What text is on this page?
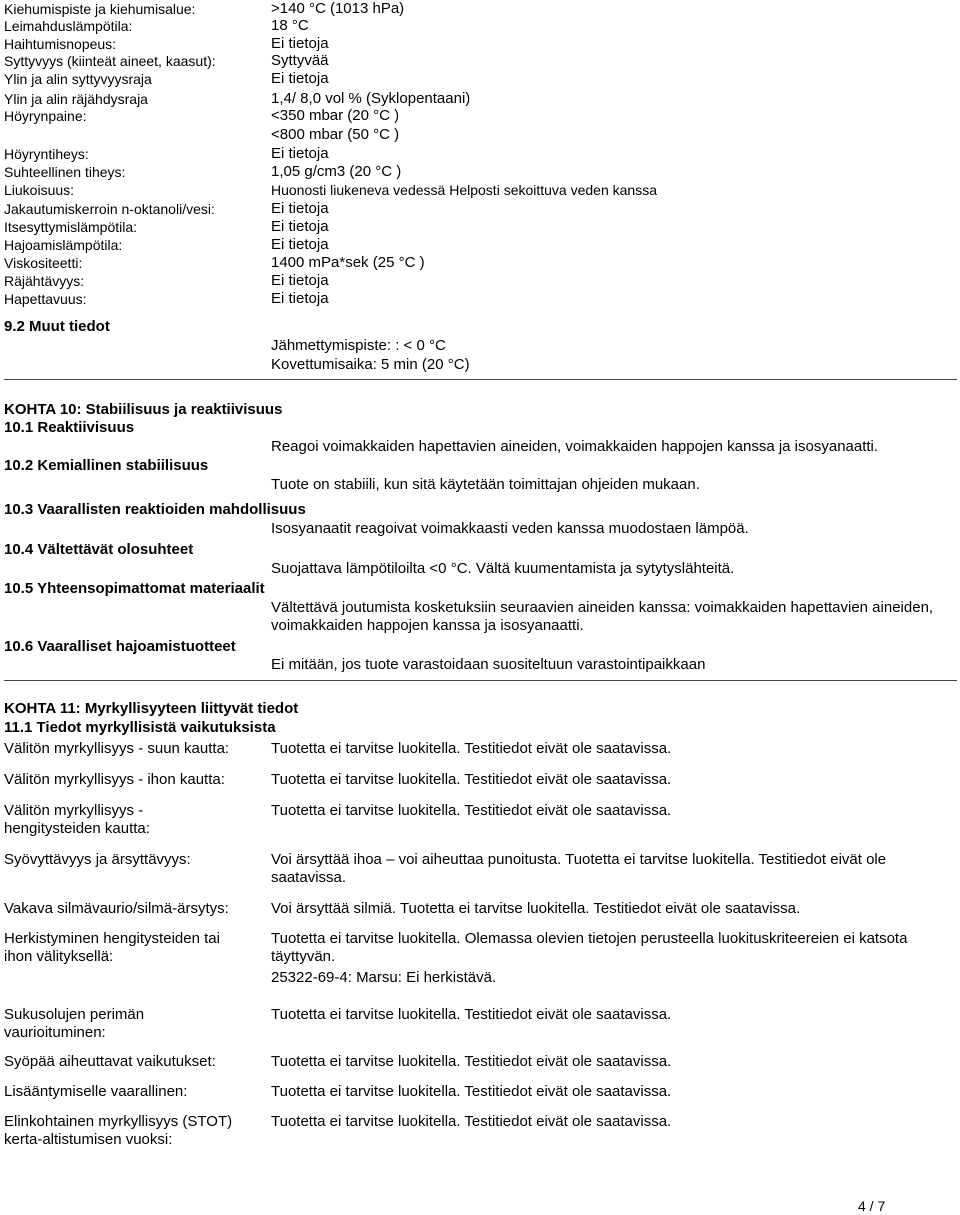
Kiehumispiste ja kiehumisalue:	>140 °C (1013 hPa)
Leimahduslämpötila:	18 °C
Haihtumisnopeus:	Ei tietoja
Syttyvyys (kiinteät aineet, kaasut):	Syttyvää
Ylin ja alin syttyvyysraja	Ei tietoja
Ylin ja alin räjähdysraja	1,4/ 8,0 vol % (Syklopentaani)
Höyrynpaine:	<350 mbar (20 °C )
<800 mbar (50 °C )
Höyryntiheys:	Ei tietoja
Suhteellinen tiheys:	1,05 g/cm3 (20 °C )
Liukoisuus:	Huonosti liukeneva vedessä Helposti sekoittuva veden kanssa
Jakautumiskerroin n-oktanoli/vesi:	Ei tietoja
Itsesyttymislämpötila:	Ei tietoja
Hajoamislämpötila:	Ei tietoja
Viskositeetti:	1400 mPa*sek (25 °C )
Räjähtävyys:	Ei tietoja
Hapettavuus:	Ei tietoja
9.2 Muut tiedot
Jähmettymispiste: : < 0 °C
Kovettumisaika: 5 min (20 °C)
KOHTA 10: Stabiilisuus ja reaktiivisuus
10.1 Reaktiivisuus
Reagoi voimakkaiden hapettavien aineiden, voimakkaiden happojen kanssa ja isosyanaatti.
10.2 Kemiallinen stabiilisuus
Tuote on stabiili, kun sitä käytetään toimittajan ohjeiden mukaan.
10.3 Vaarallisten reaktioiden mahdollisuus
Isosyanaatit reagoivat voimakkaasti veden kanssa muodostaen lämpöä.
10.4 Vältettävät olosuhteet
Suojattava lämpötiloilta <0 °C. Vältä kuumentamista ja sytytyslähteitä.
10.5 Yhteensopimattomat materiaalit
Vältettävä joutumista kosketuksiin seuraavien aineiden kanssa: voimakkaiden hapettavien aineiden, voimakkaiden happojen kanssa ja isosyanaatti.
10.6 Vaaralliset hajoamistuotteet
Ei mitään, jos tuote varastoidaan suositeltuun varastointipaikkaan
KOHTA 11: Myrkyllisyyteen liittyvät tiedot
11.1 Tiedot myrkyllisistä vaikutuksista
Välitön myrkyllisyys - suun kautta:	Tuotetta ei tarvitse luokitella. Testitiedot eivät ole saatavissa.
Välitön myrkyllisyys - ihon kautta:	Tuotetta ei tarvitse luokitella. Testitiedot eivät ole saatavissa.
Välitön myrkyllisyys - hengitysteiden kautta:
Tuotetta ei tarvitse luokitella. Testitiedot eivät ole saatavissa.
Syövyttävyys ja ärsyttävyys:	Voi ärsyttää ihoa – voi aiheuttaa punoitusta. Tuotetta ei tarvitse luokitella. Testitiedot eivät ole saatavissa.
Vakava silmävaurio/silmä-ärsytys:	Voi ärsyttää silmiä. Tuotetta ei tarvitse luokitella. Testitiedot eivät ole saatavissa.
Herkistyminen hengitysteiden tai ihon välityksellä:
Tuotetta ei tarvitse luokitella. Olemassa olevien tietojen perusteella luokituskriteereien ei katsota täyttyvän.
25322-69-4: Marsu: Ei herkistävä.
Sukusolujen perimän vaurioituminen:
Tuotetta ei tarvitse luokitella. Testitiedot eivät ole saatavissa.
Syöpää aiheuttavat vaikutukset:	Tuotetta ei tarvitse luokitella. Testitiedot eivät ole saatavissa.
Lisääntymiselle vaarallinen:	Tuotetta ei tarvitse luokitella. Testitiedot eivät ole saatavissa.
Elinkohtainen myrkyllisyys (STOT) kerta-altistumisen vuoksi:
Tuotetta ei tarvitse luokitella. Testitiedot eivät ole saatavissa.
4 / 7
